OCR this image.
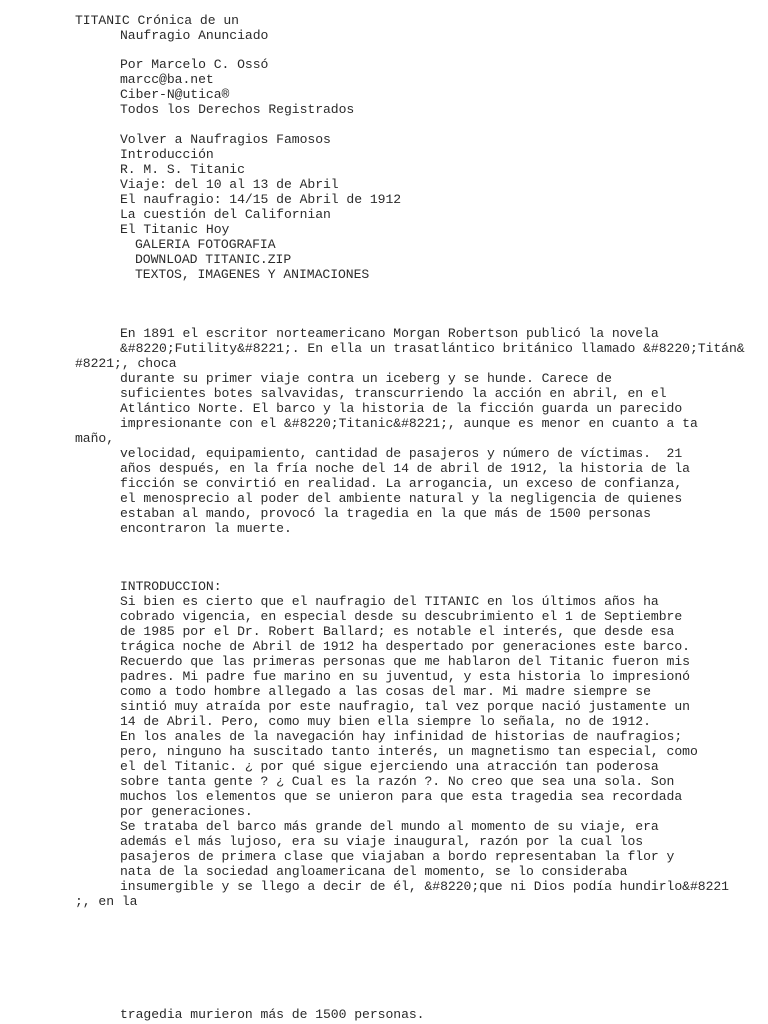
TITANIC Crónica de un
Naufragio Anunciado
Por Marcelo C. Ossó
marcc@ba.net
Ciber-N@utica®
Todos los Derechos Registrados
Volver a Naufragios Famosos
Introducción
R. M. S. Titanic
Viaje: del 10 al 13 de Abril
El naufragio: 14/15 de Abril de 1912
La cuestión del Californian
El Titanic Hoy
GALERIA FOTOGRAFIA
DOWNLOAD TITANIC.ZIP
TEXTOS, IMAGENES Y ANIMACIONES
En 1891 el escritor norteamericano Morgan Robertson publicó la novela
&#8220;Futility&#8221;. En ella un trasatlántico británico llamado &#8220;Titán&
#8221;, choca
durante su primer viaje contra un iceberg y se hunde. Carece de
suficientes botes salvavidas, transcurriendo la acción en abril, en el
Atlántico Norte. El barco y la historia de la ficción guarda un parecido
impresionante con el &#8220;Titanic&#8221;, aunque es menor en cuanto a ta
maño,
velocidad, equipamiento, cantidad de pasajeros y número de víctimas.  21
años después, en la fría noche del 14 de abril de 1912, la historia de la
ficción se convirtió en realidad. La arrogancia, un exceso de confianza,
el menosprecio al poder del ambiente natural y la negligencia de quienes
estaban al mando, provocó la tragedia en la que más de 1500 personas
encontraron la muerte.
INTRODUCCION:
Si bien es cierto que el naufragio del TITANIC en los últimos años ha
cobrado vigencia, en especial desde su descubrimiento el 1 de Septiembre
de 1985 por el Dr. Robert Ballard; es notable el interés, que desde esa
trágica noche de Abril de 1912 ha despertado por generaciones este barco.
Recuerdo que las primeras personas que me hablaron del Titanic fueron mis
padres. Mi padre fue marino en su juventud, y esta historia lo impresionó
como a todo hombre allegado a las cosas del mar. Mi madre siempre se
sintió muy atraída por este naufragio, tal vez porque nació justamente un
14 de Abril. Pero, como muy bien ella siempre lo señala, no de 1912.
En los anales de la navegación hay infinidad de historias de naufragios;
pero, ninguno ha suscitado tanto interés, un magnetismo tan especial, como
el del Titanic. ¿ por qué sigue ejerciendo una atracción tan poderosa
sobre tanta gente ? ¿ Cual es la razón ?. No creo que sea una sola. Son
muchos los elementos que se unieron para que esta tragedia sea recordada
por generaciones.
Se trataba del barco más grande del mundo al momento de su viaje, era
además el más lujoso, era su viaje inaugural, razón por la cual los
pasajeros de primera clase que viajaban a bordo representaban la flor y
nata de la sociedad angloamericana del momento, se lo consideraba
insumergible y se llego a decir de él, &#8220;que ni Dios podía hundirlo&#8221
;, en la
tragedia murieron más de 1500 personas.
